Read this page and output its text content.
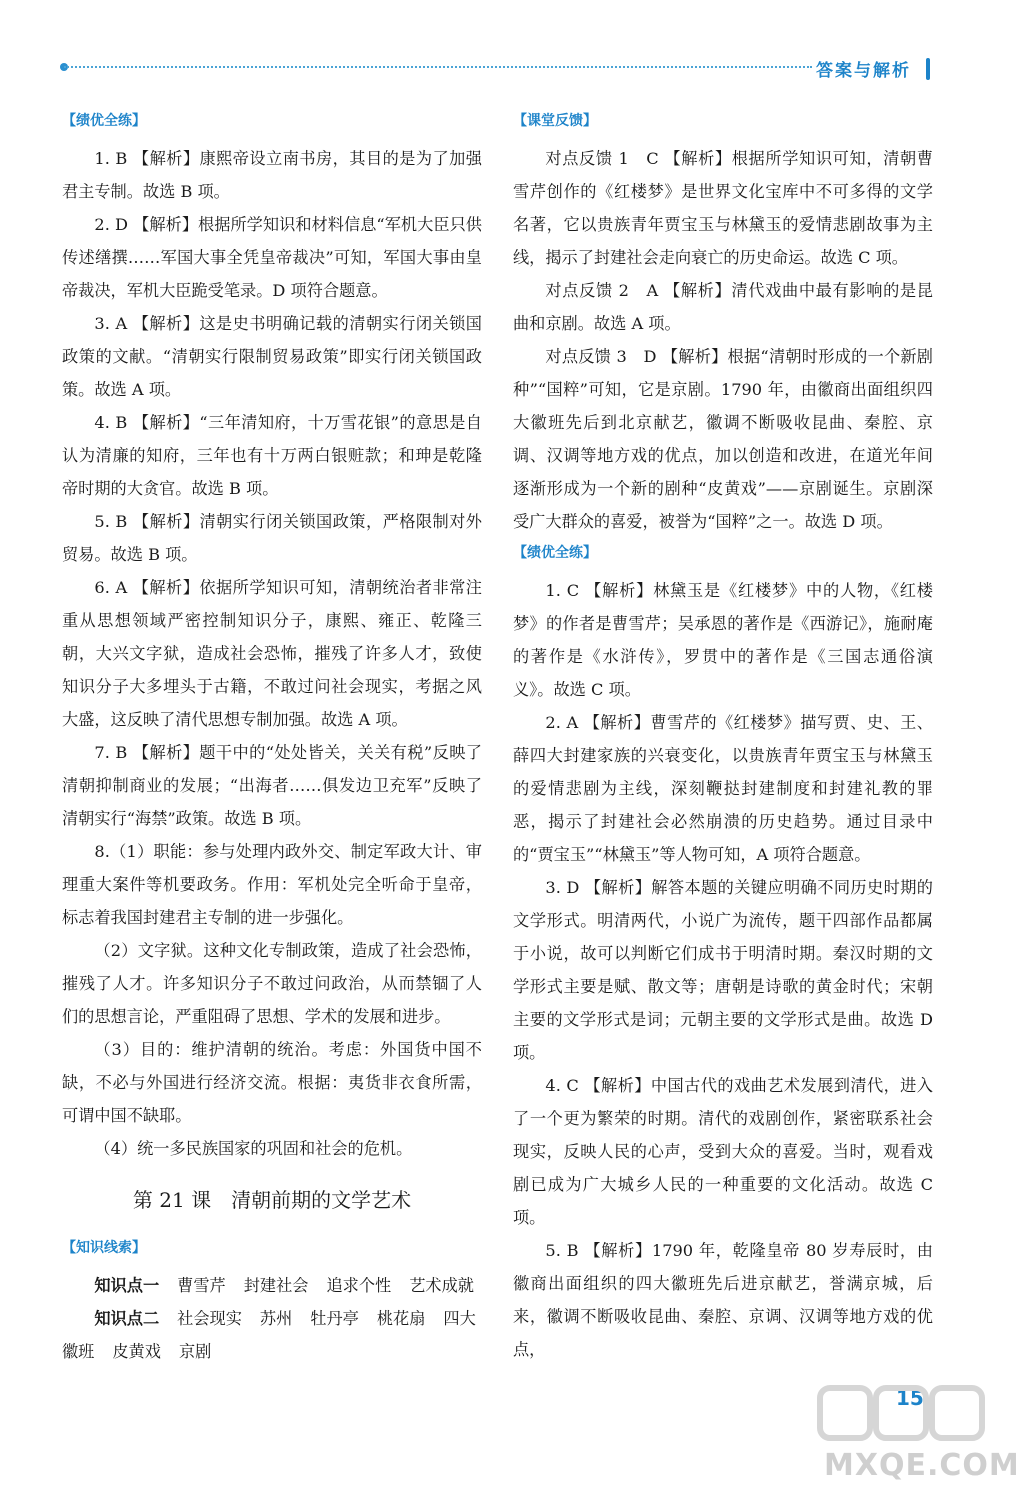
答案与解析
【绩优全练】

1. B 【解析】康熙帝设立南书房，其目的是为了加强君主专制。故选 B 项。

2. D 【解析】根据所学知识和材料信息“军机大臣只供传述缮撰……军国大事全凭皇帝裁决”可知，军国大事由皇帝裁决，军机大臣跪受笔录。D 项符合题意。

3. A 【解析】这是史书明确记载的清朝实行闭关锁国政策的文献。“清朝实行限制贸易政策”即实行闭关锁国政策。故选 A 项。

4. B 【解析】“三年清知府，十万雪花银”的意思是自认为清廉的知府，三年也有十万两白银赃款；和珅是乾隆帝时期的大贪官。故选 B 项。

5. B 【解析】清朝实行闭关锁国政策，严格限制对外贸易。故选 B 项。

6. A 【解析】依据所学知识可知，清朝统治者非常注重从思想领域严密控制知识分子，康熙、雍正、乾隆三朝，大兴文字狱，造成社会恐怖，摧残了许多人才，致使知识分子大多埋头于古籍，不敢过问社会现实，考据之风大盛，这反映了清代思想专制加强。故选 A 项。

7. B 【解析】题干中的“处处皆关，关关有税”反映了清朝抑制商业的发展；“出海者……俱发边卫充军”反映了清朝实行“海禁”政策。故选 B 项。

8.（1）职能：参与处理内政外交、制定军政大计、审理重大案件等机要政务。作用：军机处完全听命于皇帝，标志着我国封建君主专制的进一步强化。

（2）文字狱。这种文化专制政策，造成了社会恐怖，摧残了人才。许多知识分子不敢过问政治，从而禁锢了人们的思想言论，严重阻碍了思想、学术的发展和进步。

（3）目的：维护清朝的统治。考虑：外国货中国不缺，不必与外国进行经济交流。根据：夷货非衣食所需，可谓中国不缺耶。

（4）统一多民族国家的巩固和社会的危机。

第 21 课　清朝前期的文学艺术
【知识线索】
知识点一 曹雪芹 封建社会 追求个性 艺术成就
知识点二 社会现实 苏州 牡丹亭 桃花扇 四大徽班 皮黄戏 京剧
【课堂反馈】

对点反馈 1　C 【解析】根据所学知识可知，清朝曹雪芹创作的《红楼梦》是世界文化宝库中不可多得的文学名著，它以贵族青年贾宝玉与林黛玉的爱情悲剧故事为主线，揭示了封建社会走向衰亡的历史命运。故选 C 项。

对点反馈 2　A 【解析】清代戏曲中最有影响的是昆曲和京剧。故选 A 项。

对点反馈 3　D 【解析】根据“清朝时形成的一个新剧种”“国粹”可知，它是京剧。1790 年，由徽商出面组织四大徽班先后到北京献艺，徽调不断吸收昆曲、秦腔、京调、汉调等地方戏的优点，加以创造和改进，在道光年间逐渐形成为一个新的剧种“皮黄戏”——京剧诞生。京剧深受广大群众的喜爱，被誉为“国粹”之一。故选 D 项。

【绩优全练】

1. C 【解析】林黛玉是《红楼梦》中的人物，《红楼梦》的作者是曹雪芹；吴承恩的著作是《西游记》，施耐庵的著作是《水浒传》，罗贯中的著作是《三国志通俗演义》。故选 C 项。

2. A 【解析】曹雪芹的《红楼梦》描写贾、史、王、薛四大封建家族的兴衰变化，以贵族青年贾宝玉与林黛玉的爱情悲剧为主线，深刻鞭挞封建制度和封建礼教的罪恶，揭示了封建社会必然崩溃的历史趋势。通过目录中的“贾宝玉”“林黛玉”等人物可知，A 项符合题意。

3. D 【解析】解答本题的关键应明确不同历史时期的文学形式。明清两代，小说广为流传，题干四部作品都属于小说，故可以判断它们成书于明清时期。秦汉时期的文学形式主要是赋、散文等；唐朝是诗歌的黄金时代；宋朝主要的文学形式是词；元朝主要的文学形式是曲。故选 D 项。

4. C 【解析】中国古代的戏曲艺术发展到清代，进入了一个更为繁荣的时期。清代的戏剧创作，紧密联系社会现实，反映人民的心声，受到大众的喜爱。当时，观看戏剧已成为广大城乡人民的一种重要的文化活动。故选 C 项。

5. B 【解析】1790 年，乾隆皇帝 80 岁寿辰时，由徽商出面组织的四大徽班先后进京献艺，誉满京城，后来，徽调不断吸收昆曲、秦腔、京调、汉调等地方戏的优点，

15
MXQE.COM
